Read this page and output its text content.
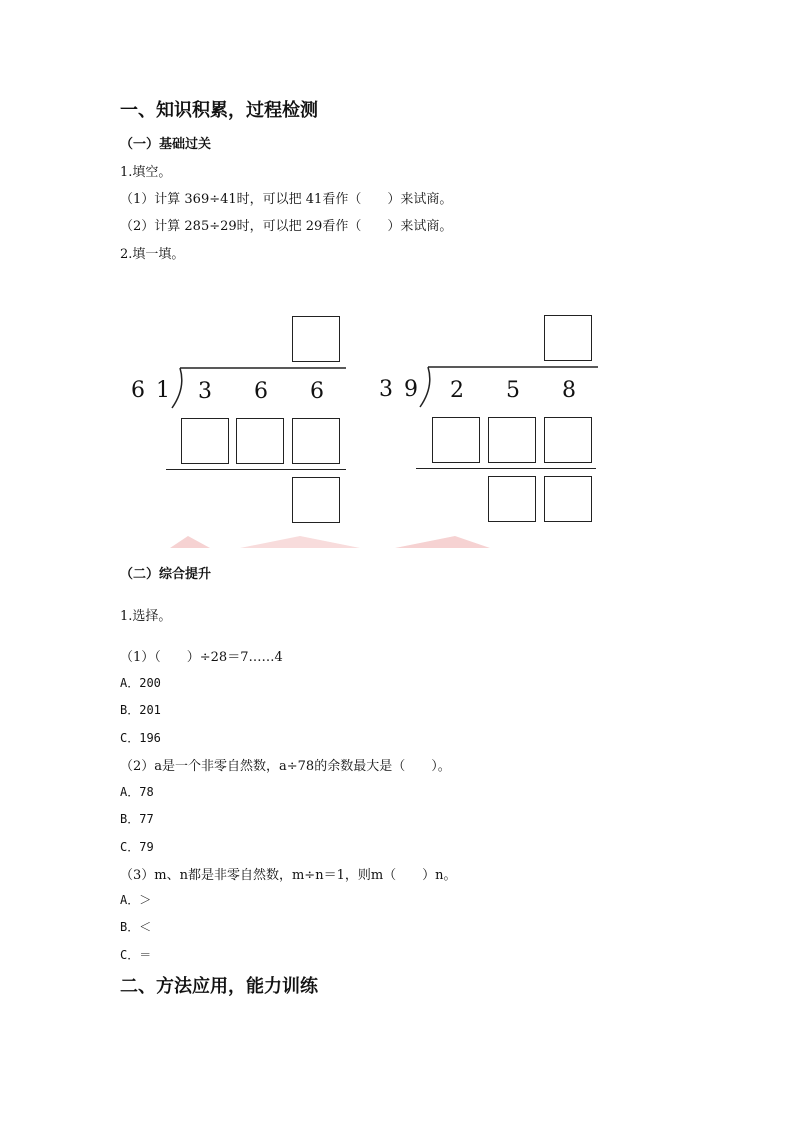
一、知识积累，过程检测
（一）基础过关
1.填空。
（1）计算 369÷41时，可以把 41看作（　　）来试商。
（2）计算 285÷29时，可以把 29看作（　　）来试商。
2.填一填。
6 1 3 6 6	3 9 2 5 8
（二）综合提升
1.选择。
（1）（　　）÷28＝7……4
A．200
B．201
C．196
（2）a是一个非零自然数，a÷78的余数最大是（　　）。
A．78
B．77
C．79
（3）m、n都是非零自然数，m÷n＝1，则m（　　）n。
A．＞
B．＜
C．＝
二、方法应用，能力训练
